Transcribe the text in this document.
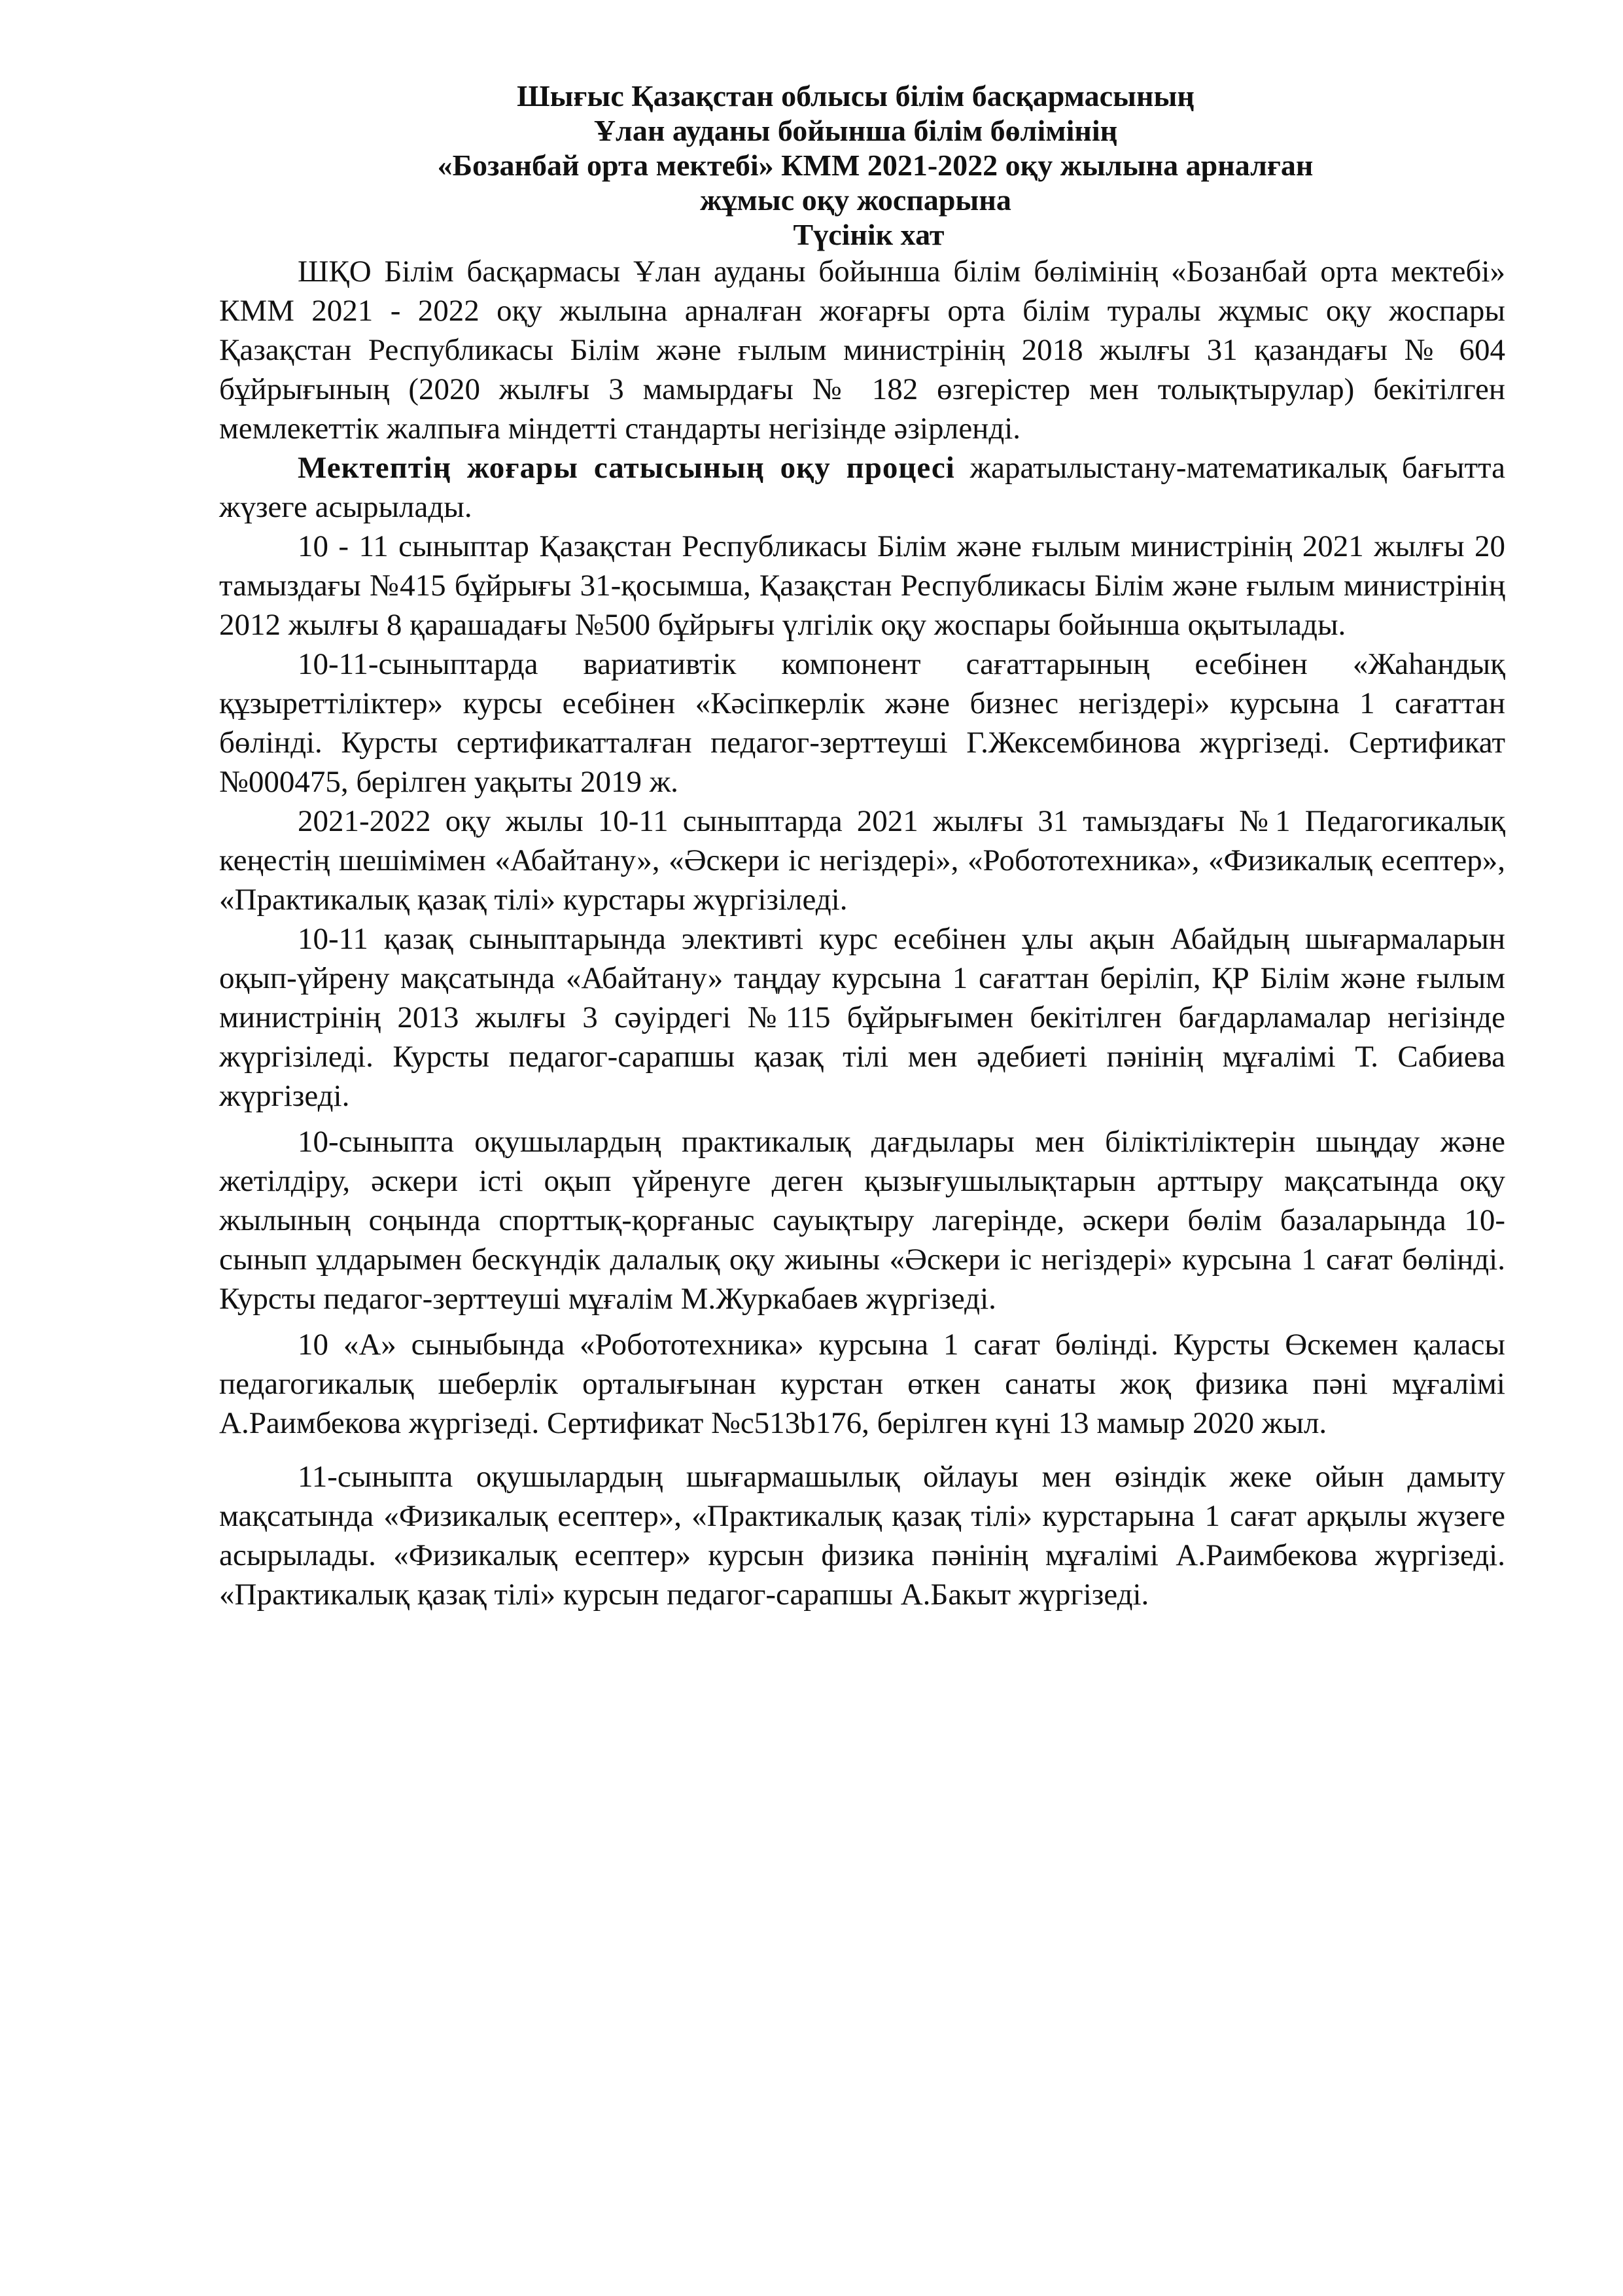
Шығыс Қазақстан облысы білім басқармасының
Ұлан ауданы бойынша білім бөлімінің
«Бозанбай орта мектебі» КММ 2021-2022 оқу жылына арналған
жұмыс оқу жоспарына
Түсінік хат

ШҚО Білім басқармасы Ұлан ауданы бойынша білім бөлімінің «Бозанбай орта мектебі» КММ 2021 - 2022 оқу жылына арналған жоғарғы орта білім туралы жұмыс оқу жоспары Қазақстан Республикасы Білім және ғылым министрінің 2018 жылғы 31 қазандағы № 604 бұйрығының (2020 жылғы 3 мамырдағы № 182 өзгерістер мен толықтырулар) бекітілген мемлекеттік жалпыға міндетті стандарты негізінде әзірленді.

Мектептің жоғары сатысының оқу процесі жаратылыстану-математикалық бағытта жүзеге асырылады.

10 - 11 сыныптар Қазақстан Республикасы Білім және ғылым министрінің 2021 жылғы 20 тамыздағы №415 бұйрығы 31-қосымша, Қазақстан Республикасы Білім және ғылым министрінің 2012 жылғы 8 қарашадағы №500 бұйрығы үлгілік оқу жоспары бойынша оқытылады.

10-11-сыныптарда вариативтік компонент сағаттарының есебінен «Жаһандық құзыреттіліктер» курсы есебінен «Кәсіпкерлік және бизнес негіздері» курсына 1 сағаттан бөлінді. Курсты сертификатталған педагог-зерттеуші Г.Жексембинова жүргізеді. Сертификат №000475, берілген уақыты 2019 ж.

2021-2022 оқу жылы 10-11 сыныптарда 2021 жылғы 31 тамыздағы №1 Педагогикалық кеңестің шешімімен «Абайтану», «Әскери іс негіздері», «Робототехника», «Физикалық есептер», «Практикалық қазақ тілі» курстары жүргізіледі.

10-11 қазақ сыныптарында элективті курс есебінен ұлы ақын Абайдың шығармаларын оқып-үйрену мақсатында «Абайтану» таңдау курсына 1 сағаттан беріліп, ҚР Білім және ғылым министрінің 2013 жылғы 3 сәуірдегі №115 бұйрығымен бекітілген бағдарламалар негізінде жүргізіледі. Курсты педагог-сарапшы қазақ тілі мен әдебиеті пәнінің мұғалімі Т. Сабиева жүргізеді.

10-сыныпта оқушылардың практикалық дағдылары мен біліктіліктерін шыңдау және жетілдіру, әскери істі оқып үйренуге деген қызығушылықтарын арттыру мақсатында оқу жылының соңында спорттық-қорғаныс сауықтыру лагерінде, әскери бөлім базаларында 10-сынып ұлдарымен бескүндік далалық оқу жиыны «Әскери іс негіздері» курсына 1 сағат бөлінді. Курсты педагог-зерттеуші мұғалім М.Журкабаев жүргізеді.

10 «А» сыныбында «Робототехника» курсына 1 сағат бөлінді. Курсты Өскемен қаласы педагогикалық шеберлік орталығынан курстан өткен санаты жоқ физика пәні мұғалімі А.Раимбекова жүргізеді. Сертификат №с513b176, берілген күні 13 мамыр 2020 жыл.

11-сыныпта оқушылардың шығармашылық ойлауы мен өзіндік жеке ойын дамыту мақсатында «Физикалық есептер», «Практикалық қазақ тілі» курстарына 1 сағат арқылы жүзеге асырылады. «Физикалық есептер» курсын физика пәнінің мұғалімі А.Раимбекова жүргізеді. «Практикалық қазақ тілі» курсын педагог-сарапшы А.Бакыт жүргізеді.
